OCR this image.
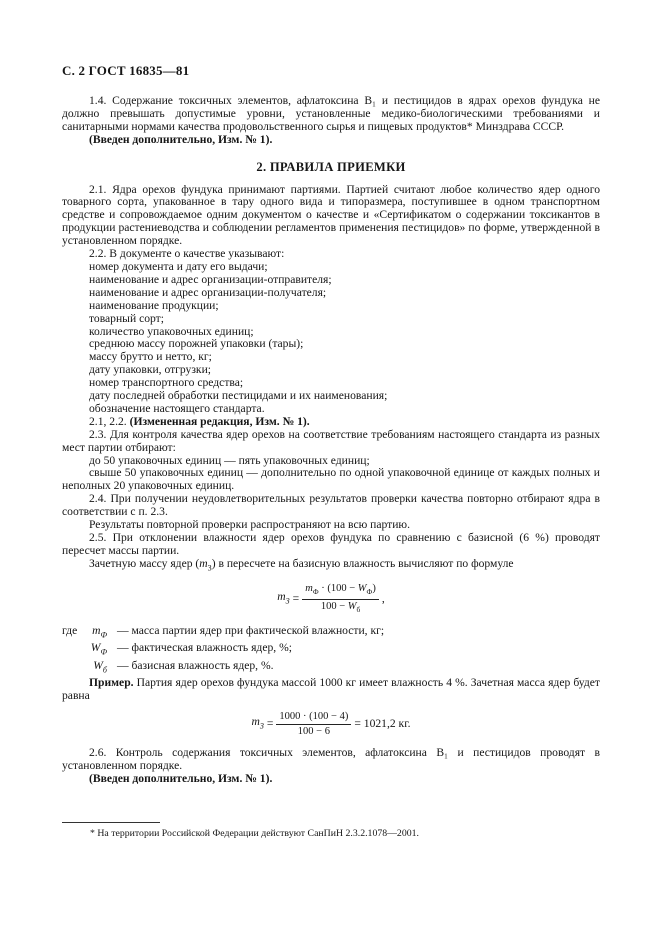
С. 2 ГОСТ 16835—81

1.4. Содержание токсичных элементов, афлатоксина B₁ и пестицидов в ядрах орехов фундука не должно превышать допустимые уровни, установленные медико-биологическими требованиями и санитарными нормами качества продовольственного сырья и пищевых продуктов* Минздрава СССР.

(Введен дополнительно, Изм. № 1).

2. ПРАВИЛА ПРИЕМКИ

2.1. Ядра орехов фундука принимают партиями. Партией считают любое количество ядер одного товарного сорта, упакованное в тару одного вида и типоразмера, поступившее в одном транспортном средстве и сопровождаемое одним документом о качестве и «Сертификатом о содержании токсикантов в продукции растениеводства и соблюдении регламентов применения пестицидов» по форме, утвержденной в установленном порядке.

2.2. В документе о качестве указывают:

номер документа и дату его выдачи;

наименование и адрес организации-отправителя;

наименование и адрес организации-получателя;

наименование продукции;

товарный сорт;

количество упаковочных единиц;

среднюю массу порожней упаковки (тары);

массу брутто и нетто, кг;

дату упаковки, отгрузки;

номер транспортного средства;

дату последней обработки пестицидами и их наименования;

обозначение настоящего стандарта.

2.1, 2.2. (Измененная редакция, Изм. № 1).

2.3. Для контроля качества ядер орехов на соответствие требованиям настоящего стандарта из разных мест партии отбирают:

до 50 упаковочных единиц — пять упаковочных единиц;

свыше 50 упаковочных единиц — дополнительно по одной упаковочной единице от каждых полных и неполных 20 упаковочных единиц.

2.4. При получении неудовлетворительных результатов проверки качества повторно отбирают ядра в соответствии с п. 2.3.

Результаты повторной проверки распространяют на всю партию.

2.5. При отклонении влажности ядер орехов фундука по сравнению с базисной (6 %) проводят пересчет массы партии.

Зачетную массу ядер $(m_3)$ в пересчете на базисную влажность вычисляют по формуле

$m_3 = \frac{m_Ф \cdot (100 - W_Ф)}{100 - W_б}$ ,
где	$m_Ф$ — масса партии ядер при фактической влажности, кг;
$W_Ф$ — фактическая влажность ядер, %;
$W_б$ — базисная влажность ядер, %.

Пример. Партия ядер орехов фундука массой 1000 кг имеет влажность 4 %. Зачетная масса ядер будет равна

$m_3 = \frac{1000 \cdot (100 - 4)}{100 - 6} = 1021,2$ кг.

2.6. Контроль содержания токсичных элементов, афлатоксина B₁ и пестицидов проводят в установленном порядке.

(Введен дополнительно, Изм. № 1).

* На территории Российской Федерации действуют СанПиН 2.3.2.1078—2001.
